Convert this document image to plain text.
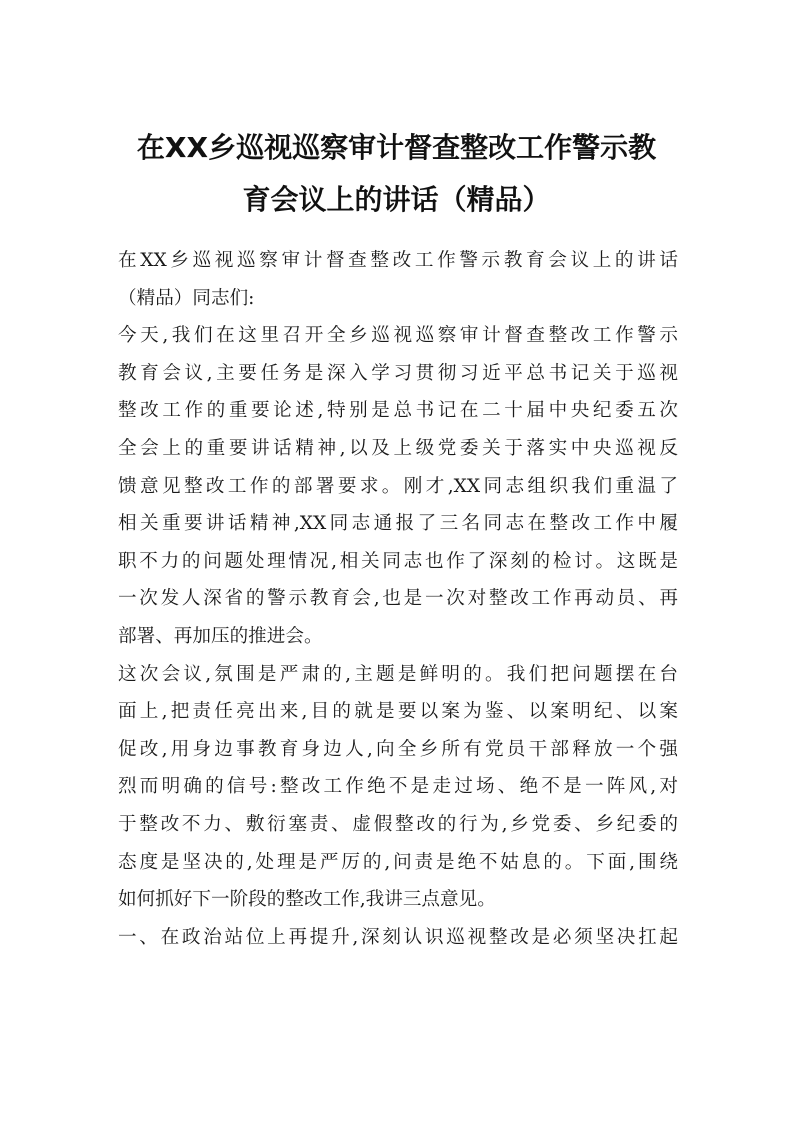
在XX乡巡视巡察审计督查整改工作警示教
育会议上的讲话（精品）
在XX乡巡视巡察审计督查整改工作警示教育会议上的讲话
（精品）同志们:
今天,我们在这里召开全乡巡视巡察审计督查整改工作警示
教育会议,主要任务是深入学习贯彻习近平总书记关于巡视
整改工作的重要论述,特别是总书记在二十届中央纪委五次
全会上的重要讲话精神,以及上级党委关于落实中央巡视反
馈意见整改工作的部署要求。刚才,XX同志组织我们重温了
相关重要讲话精神,XX同志通报了三名同志在整改工作中履
职不力的问题处理情况,相关同志也作了深刻的检讨。这既是
一次发人深省的警示教育会,也是一次对整改工作再动员、再
部署、再加压的推进会。
这次会议,氛围是严肃的,主题是鲜明的。我们把问题摆在台
面上,把责任亮出来,目的就是要以案为鉴、以案明纪、以案
促改,用身边事教育身边人,向全乡所有党员干部释放一个强
烈而明确的信号:整改工作绝不是走过场、绝不是一阵风,对
于整改不力、敷衍塞责、虚假整改的行为,乡党委、乡纪委的
态度是坚决的,处理是严厉的,问责是绝不姑息的。下面,围绕
如何抓好下一阶段的整改工作,我讲三点意见。
一、在政治站位上再提升,深刻认识巡视整改是必须坚决扛起
